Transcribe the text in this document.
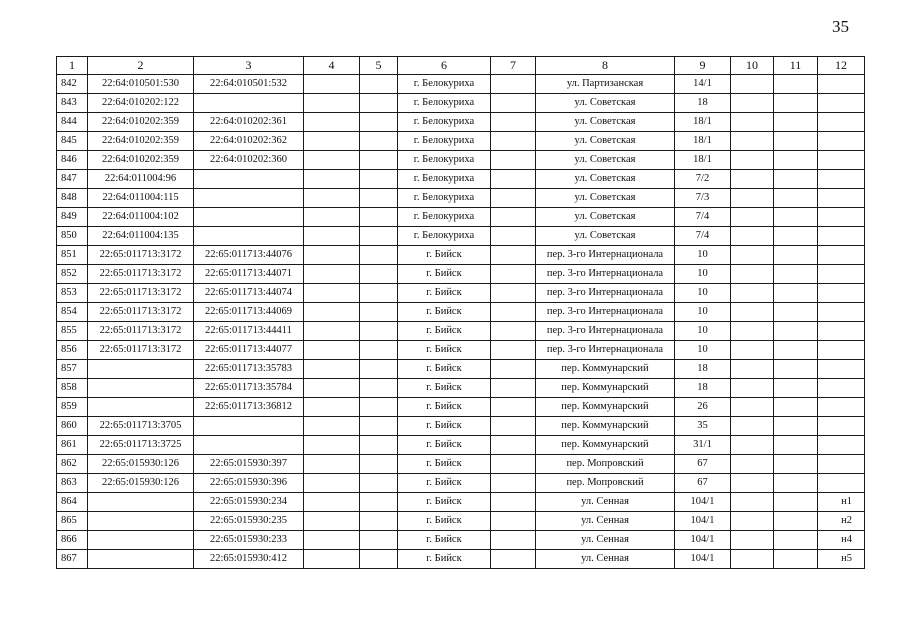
35
1	2	3	4	5	6	7	8	9	10	11	12
842	22:64:010501:530	22:64:010501:532			г. Белокуриха		ул. Партизанская	14/1			
843	22:64:010202:122				г. Белокуриха		ул. Советская	18			
844	22:64:010202:359	22:64:010202:361			г. Белокуриха		ул. Советская	18/1			
845	22:64:010202:359	22:64:010202:362			г. Белокуриха		ул. Советская	18/1			
846	22:64:010202:359	22:64:010202:360			г. Белокуриха		ул. Советская	18/1			
847	22:64:011004:96				г. Белокуриха		ул. Советская	7/2			
848	22:64:011004:115				г. Белокуриха		ул. Советская	7/3			
849	22:64:011004:102				г. Белокуриха		ул. Советская	7/4			
850	22:64:011004:135				г. Белокуриха		ул. Советская	7/4			
851	22:65:011713:3172	22:65:011713:44076			г. Бийск		пер. 3-го Интернационала	10			
852	22:65:011713:3172	22:65:011713:44071			г. Бийск		пер. 3-го Интернационала	10			
853	22:65:011713:3172	22:65:011713:44074			г. Бийск		пер. 3-го Интернационала	10			
854	22:65:011713:3172	22:65:011713:44069			г. Бийск		пер. 3-го Интернационала	10			
855	22:65:011713:3172	22:65:011713:44411			г. Бийск		пер. 3-го Интернационала	10			
856	22:65:011713:3172	22:65:011713:44077			г. Бийск		пер. 3-го Интернационала	10			
857		22:65:011713:35783			г. Бийск		пер. Коммунарский	18			
858		22:65:011713:35784			г. Бийск		пер. Коммунарский	18			
859		22:65:011713:36812			г. Бийск		пер. Коммунарский	26			
860	22:65:011713:3705				г. Бийск		пер. Коммунарский	35			
861	22:65:011713:3725				г. Бийск		пер. Коммунарский	31/1			
862	22:65:015930:126	22:65:015930:397			г. Бийск		пер. Мопровский	67			
863	22:65:015930:126	22:65:015930:396			г. Бийск		пер. Мопровский	67			
864		22:65:015930:234			г. Бийск		ул. Сенная	104/1			н1
865		22:65:015930:235			г. Бийск		ул. Сенная	104/1			н2
866		22:65:015930:233			г. Бийск		ул. Сенная	104/1			н4
867		22:65:015930:412			г. Бийск		ул. Сенная	104/1			н5
